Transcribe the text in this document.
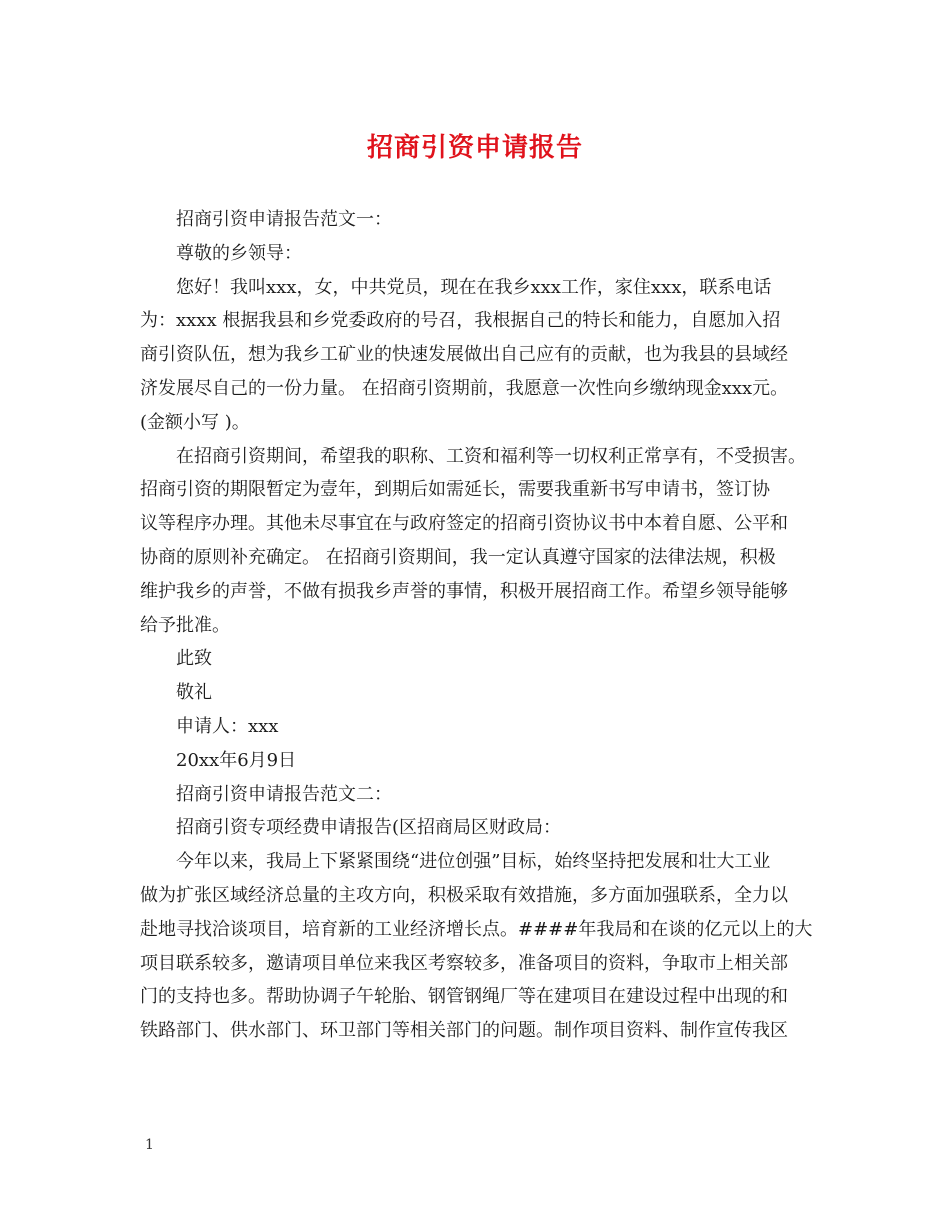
招商引资申请报告

招商引资申请报告范文一：

尊敬的乡领导：

您好！我叫xxx，女，中共党员，现在在我乡xxx工作，家住xxx，联系电话

为：xxxx 根据我县和乡党委政府的号召，我根据自己的特长和能力，自愿加入招

商引资队伍，想为我乡工矿业的快速发展做出自己应有的贡献，也为我县的县域经

济发展尽自己的一份力量。 在招商引资期前，我愿意一次性向乡缴纳现金xxx元。

(金额小写 )。

在招商引资期间，希望我的职称、工资和福利等一切权利正常享有，不受损害。

招商引资的期限暂定为壹年，到期后如需延长，需要我重新书写申请书，签订协

议等程序办理。其他未尽事宜在与政府签定的招商引资协议书中本着自愿、公平和

协商的原则补充确定。 在招商引资期间，我一定认真遵守国家的法律法规，积极

维护我乡的声誉，不做有损我乡声誉的事情，积极开展招商工作。希望乡领导能够

给予批准。

此致

敬礼

申请人：xxx

20xx年6月9日

招商引资申请报告范文二：

招商引资专项经费申请报告(区招商局区财政局：

今年以来，我局上下紧紧围绕“进位创强”目标，始终坚持把发展和壮大工业

做为扩张区域经济总量的主攻方向，积极采取有效措施，多方面加强联系，全力以

赴地寻找洽谈项目，培育新的工业经济增长点。####年我局和在谈的亿元以上的大

项目联系较多，邀请项目单位来我区考察较多，准备项目的资料，争取市上相关部

门的支持也多。帮助协调子午轮胎、钢管钢绳厂等在建项目在建设过程中出现的和

铁路部门、供水部门、环卫部门等相关部门的问题。制作项目资料、制作宣传我区

1
